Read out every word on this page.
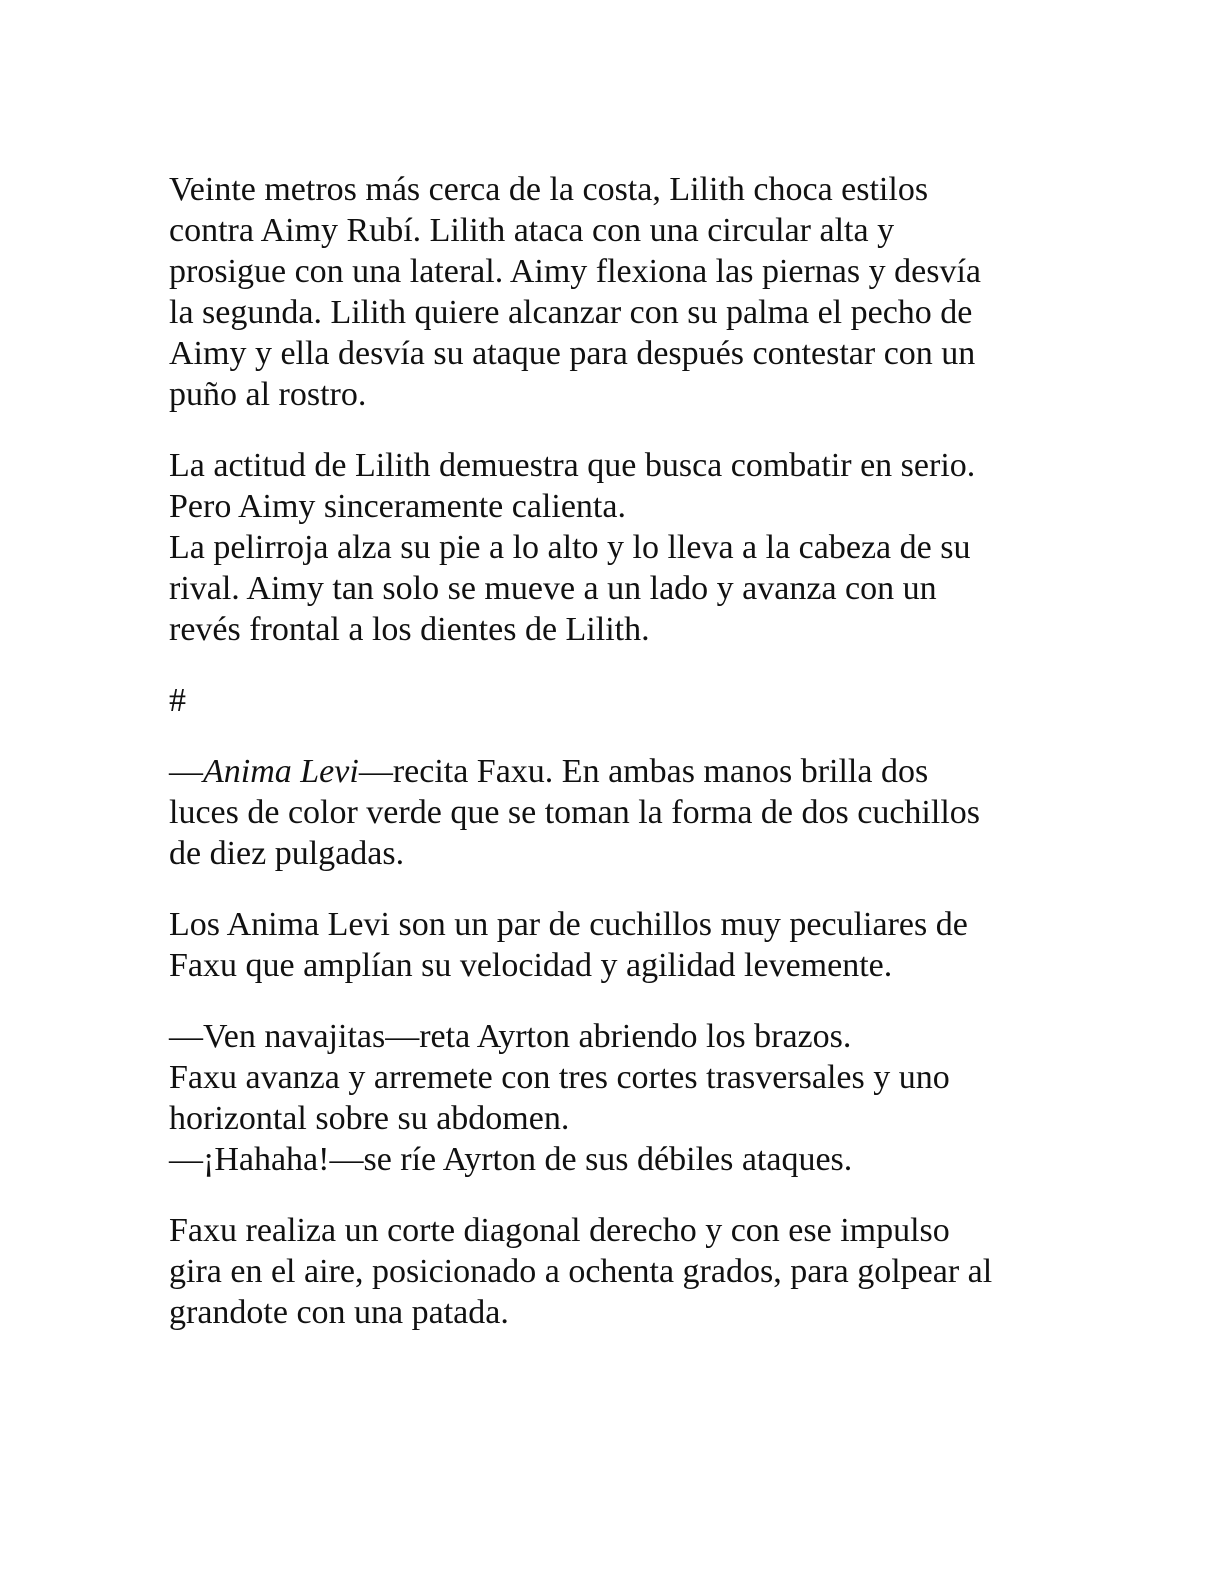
Veinte metros más cerca de la costa, Lilith choca estilos
contra Aimy Rubí. Lilith ataca con una circular alta y
prosigue con una lateral. Aimy flexiona las piernas y desvía
la segunda. Lilith quiere alcanzar con su palma el pecho de
Aimy y ella desvía su ataque para después contestar con un
puño al rostro.
La actitud de Lilith demuestra que busca combatir en serio.
Pero Aimy sinceramente calienta.
La pelirroja alza su pie a lo alto y lo lleva a la cabeza de su
rival. Aimy tan solo se mueve a un lado y avanza con un
revés frontal a los dientes de Lilith.
#
—Anima Levi—recita Faxu. En ambas manos brilla dos
luces de color verde que se toman la forma de dos cuchillos
de diez pulgadas.
Los Anima Levi son un par de cuchillos muy peculiares de
Faxu que amplían su velocidad y agilidad levemente.
—Ven navajitas—reta Ayrton abriendo los brazos.
Faxu avanza y arremete con tres cortes trasversales y uno
horizontal sobre su abdomen.
—¡Hahaha!—se ríe Ayrton de sus débiles ataques.
Faxu realiza un corte diagonal derecho y con ese impulso
gira en el aire, posicionado a ochenta grados, para golpear al
grandote con una patada.
